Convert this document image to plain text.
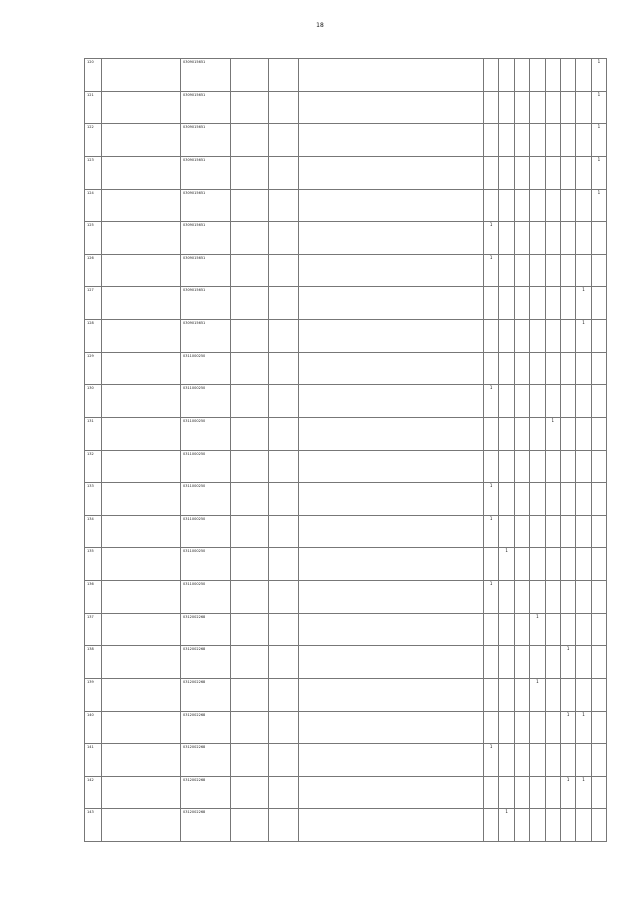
18
120		0309015651											1
121		0309015651											1
122		0309015651											1
123		0309015651											1
124		0309015651											1
125		0309015651				1							
126		0309015651				1							
127		0309015651										1	
128		0309015651										1	
129		0311000250											
130		0311000250				1							
131		0311000250								1			
132		0311000250											
133		0311000250				1							
134		0311000250				1							
135		0311000250					1						
136		0311000250				1							
137		0312002268							1				
138		0312002268									1		
139		0312002268							1				
140		0312002268									1	1	
141		0312002268				1							
142		0312002268									1	1	
143		0312002268					1						
